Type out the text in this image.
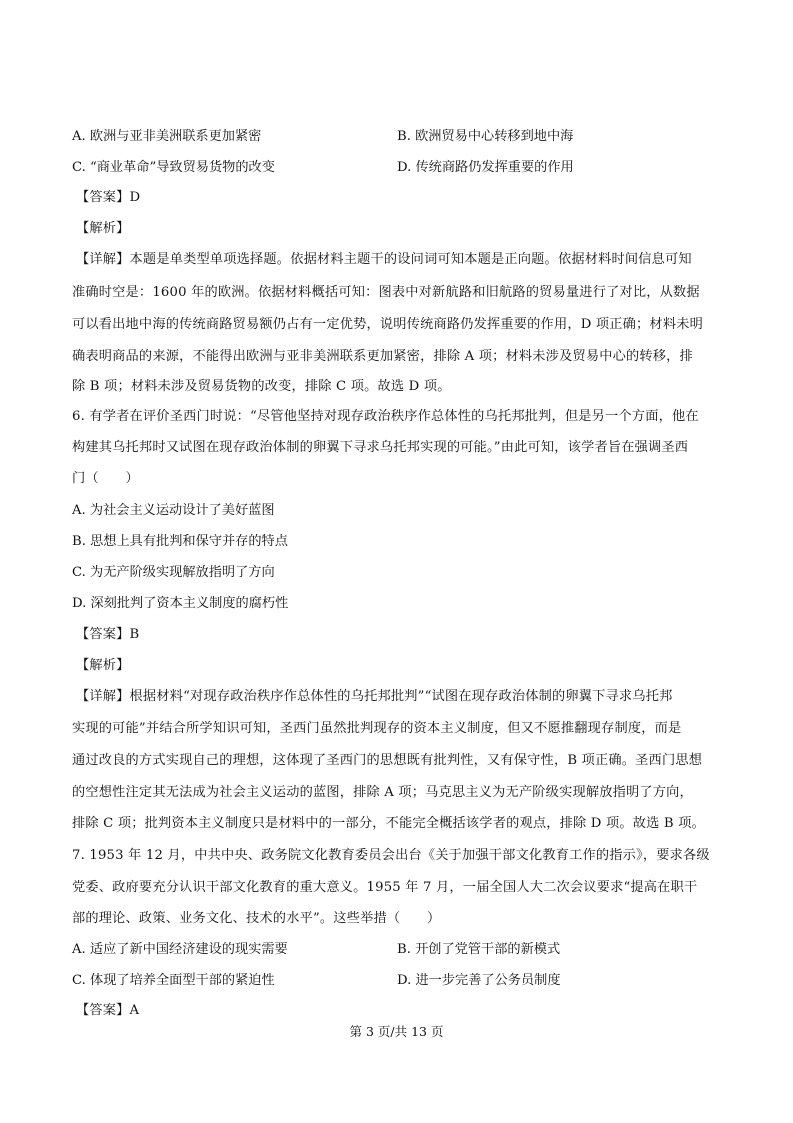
A. 欧洲与亚非美洲联系更加紧密	B. 欧洲贸易中心转移到地中海
C. “商业革命”导致贸易货物的改变	D. 传统商路仍发挥重要的作用
【答案】D
【解析】
【详解】本题是单类型单项选择题。依据材料主题干的设问词可知本题是正向题。依据材料时间信息可知
准确时空是：1600 年的欧洲。依据材料概括可知：图表中对新航路和旧航路的贸易量进行了对比，从数据
可以看出地中海的传统商路贸易额仍占有一定优势，说明传统商路仍发挥重要的作用，D 项正确；材料未明
确表明商品的来源，不能得出欧洲与亚非美洲联系更加紧密，排除 A 项；材料未涉及贸易中心的转移，排
除 B 项；材料未涉及贸易货物的改变，排除 C 项。故选 D 项。
6. 有学者在评价圣西门时说：“尽管他坚持对现存政治秩序作总体性的乌托邦批判，但是另一个方面，他在
构建其乌托邦时又试图在现存政治体制的卵翼下寻求乌托邦实现的可能。”由此可知，该学者旨在强调圣西
门（　　）
A. 为社会主义运动设计了美好蓝图
B. 思想上具有批判和保守并存的特点
C. 为无产阶级实现解放指明了方向
D. 深刻批判了资本主义制度的腐朽性
【答案】B
【解析】
【详解】根据材料“对现存政治秩序作总体性的乌托邦批判”“试图在现存政治体制的卵翼下寻求乌托邦
实现的可能”并结合所学知识可知，圣西门虽然批判现存的资本主义制度，但又不愿推翻现存制度，而是
通过改良的方式实现自己的理想，这体现了圣西门的思想既有批判性，又有保守性，B 项正确。圣西门思想
的空想性注定其无法成为社会主义运动的蓝图，排除 A 项；马克思主义为无产阶级实现解放指明了方向，
排除 C 项；批判资本主义制度只是材料中的一部分，不能完全概括该学者的观点，排除 D 项。故选 B 项。
7. 1953 年 12 月，中共中央、政务院文化教育委员会出台《关于加强干部文化教育工作的指示》，要求各级
党委、政府要充分认识干部文化教育的重大意义。1955 年 7 月，一届全国人大二次会议要求“提高在职干
部的理论、政策、业务文化、技术的水平”。这些举措（　　）
A. 适应了新中国经济建设的现实需要	B. 开创了党管干部的新模式
C. 体现了培养全面型干部的紧迫性	D. 进一步完善了公务员制度
【答案】A
第 3 页/共 13 页
